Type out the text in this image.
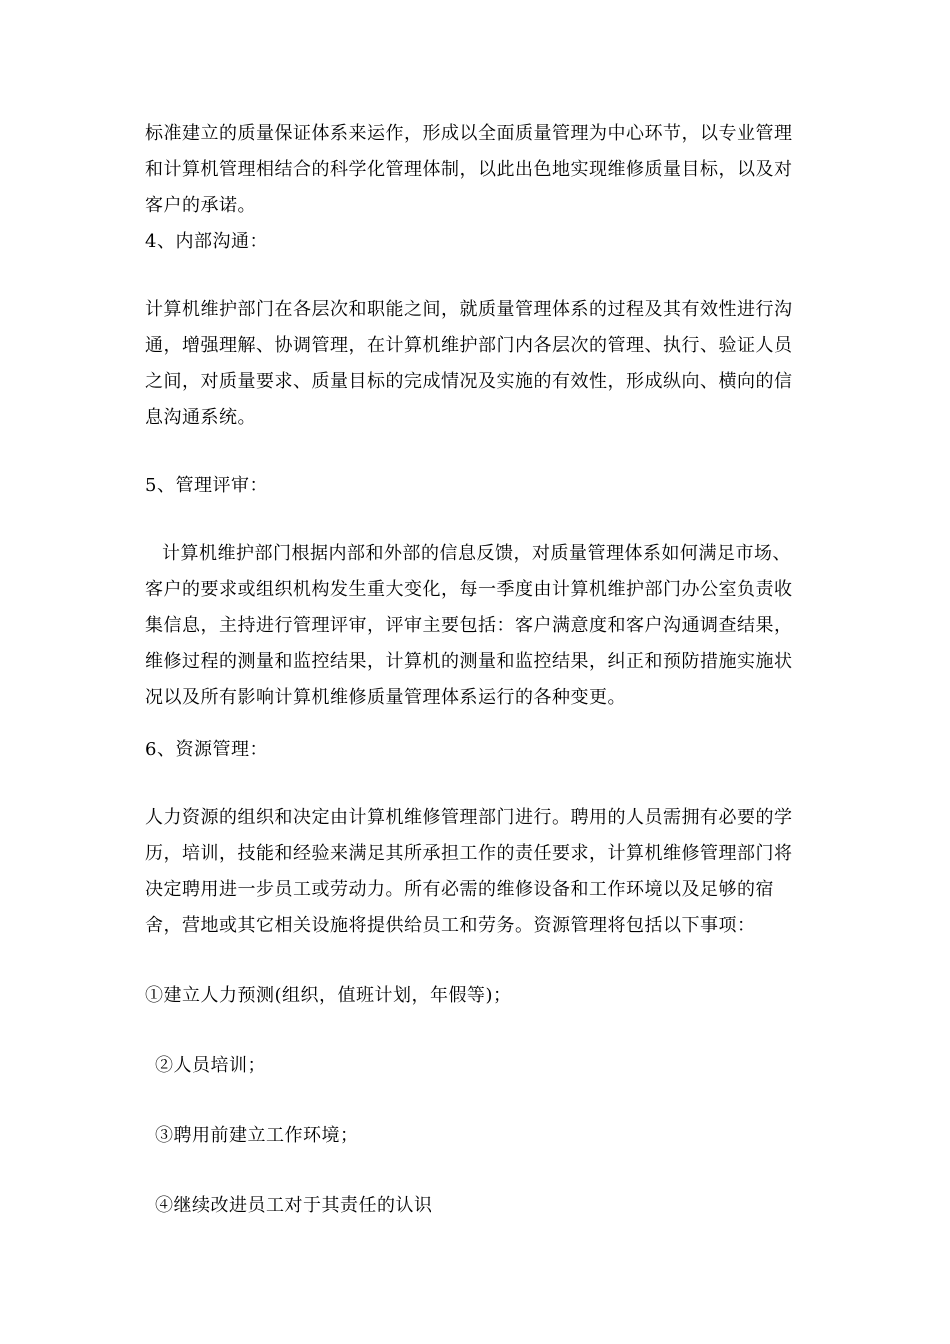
标准建立的质量保证体系来运作，形成以全面质量管理为中心环节，以专业管理
和计算机管理相结合的科学化管理体制，以此出色地实现维修质量目标，以及对
客户的承诺。
4、内部沟通：
计算机维护部门在各层次和职能之间，就质量管理体系的过程及其有效性进行沟
通，增强理解、协调管理，在计算机维护部门内各层次的管理、执行、验证人员
之间，对质量要求、质量目标的完成情况及实施的有效性，形成纵向、横向的信
息沟通系统。
5、管理评审：
计算机维护部门根据内部和外部的信息反馈，对质量管理体系如何满足市场、
客户的要求或组织机构发生重大变化，每一季度由计算机维护部门办公室负责收
集信息，主持进行管理评审，评审主要包括：客户满意度和客户沟通调查结果，
维修过程的测量和监控结果，计算机的测量和监控结果，纠正和预防措施实施状
况以及所有影响计算机维修质量管理体系运行的各种变更。
6、资源管理：
人力资源的组织和决定由计算机维修管理部门进行。聘用的人员需拥有必要的学
历，培训，技能和经验来满足其所承担工作的责任要求，计算机维修管理部门将
决定聘用进一步员工或劳动力。所有必需的维修设备和工作环境以及足够的宿
舍，营地或其它相关设施将提供给员工和劳务。资源管理将包括以下事项：
①建立人力预测(组织，值班计划，年假等)；
②人员培训；
③聘用前建立工作环境；
④继续改进员工对于其责任的认识
